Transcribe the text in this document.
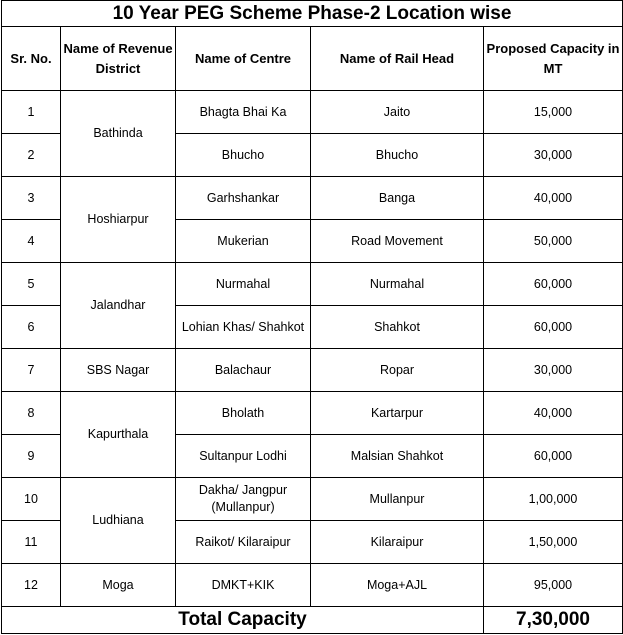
10 Year PEG Scheme Phase-2 Location wise				
Sr. No.	Name of Revenue District	Name of Centre	Name of Rail Head	Proposed Capacity in MT
1	Bathinda	Bhagta Bhai Ka	Jaito	15,000
2		Bhucho	Bhucho	30,000
3	Hoshiarpur	Garhshankar	Banga	40,000
4		Mukerian	Road Movement	50,000
5	Jalandhar	Nurmahal	Nurmahal	60,000
6		Lohian Khas/ Shahkot	Shahkot	60,000
7	SBS Nagar	Balachaur	Ropar	30,000
8	Kapurthala	Bholath	Kartarpur	40,000
9		Sultanpur Lodhi	Malsian Shahkot	60,000
10	Ludhiana	Dakha/ Jangpur (Mullanpur)	Mullanpur	1,00,000
11		Raikot/ Kilaraipur	Kilaraipur	1,50,000
12	Moga	DMKT+KIK	Moga+AJL	95,000
Total Capacity				7,30,000
